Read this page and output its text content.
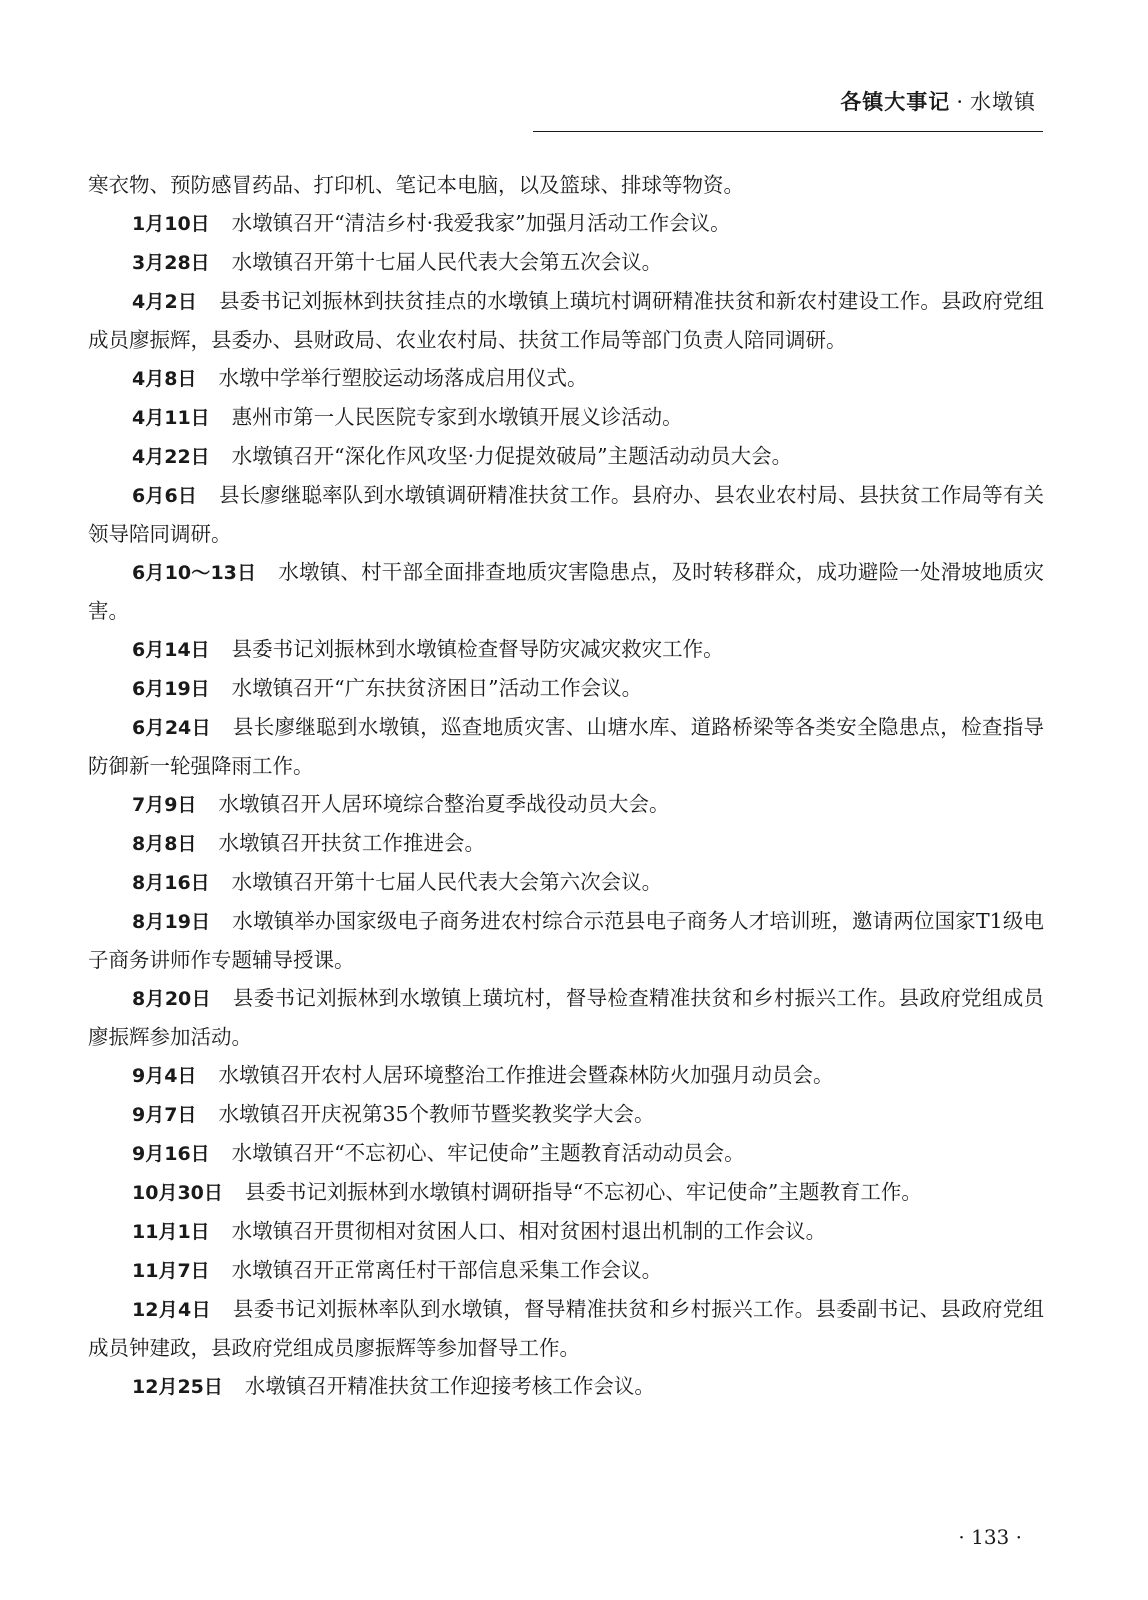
各镇大事记 · 水墩镇

寒衣物、预防感冒药品、打印机、笔记本电脑，以及篮球、排球等物资。

1月10日 水墩镇召开“清洁乡村·我爱我家”加强月活动工作会议。

3月28日 水墩镇召开第十七届人民代表大会第五次会议。

4月2日 县委书记刘振林到扶贫挂点的水墩镇上璜坑村调研精准扶贫和新农村建设工作。县政府党组成员廖振辉，县委办、县财政局、农业农村局、扶贫工作局等部门负责人陪同调研。

4月8日 水墩中学举行塑胶运动场落成启用仪式。

4月11日 惠州市第一人民医院专家到水墩镇开展义诊活动。

4月22日 水墩镇召开“深化作风攻坚·力促提效破局”主题活动动员大会。

6月6日 县长廖继聪率队到水墩镇调研精准扶贫工作。县府办、县农业农村局、县扶贫工作局等有关领导陪同调研。

6月10～13日 水墩镇、村干部全面排查地质灾害隐患点，及时转移群众，成功避险一处滑坡地质灾害。

6月14日 县委书记刘振林到水墩镇检查督导防灾减灾救灾工作。

6月19日 水墩镇召开“广东扶贫济困日”活动工作会议。

6月24日 县长廖继聪到水墩镇，巡查地质灾害、山塘水库、道路桥梁等各类安全隐患点，检查指导防御新一轮强降雨工作。

7月9日 水墩镇召开人居环境综合整治夏季战役动员大会。

8月8日 水墩镇召开扶贫工作推进会。

8月16日 水墩镇召开第十七届人民代表大会第六次会议。

8月19日 水墩镇举办国家级电子商务进农村综合示范县电子商务人才培训班，邀请两位国家T1级电子商务讲师作专题辅导授课。

8月20日 县委书记刘振林到水墩镇上璜坑村，督导检查精准扶贫和乡村振兴工作。县政府党组成员廖振辉参加活动。

9月4日 水墩镇召开农村人居环境整治工作推进会暨森林防火加强月动员会。

9月7日 水墩镇召开庆祝第35个教师节暨奖教奖学大会。

9月16日 水墩镇召开“不忘初心、牢记使命”主题教育活动动员会。

10月30日 县委书记刘振林到水墩镇村调研指导“不忘初心、牢记使命”主题教育工作。

11月1日 水墩镇召开贯彻相对贫困人口、相对贫困村退出机制的工作会议。

11月7日 水墩镇召开正常离任村干部信息采集工作会议。

12月4日 县委书记刘振林率队到水墩镇，督导精准扶贫和乡村振兴工作。县委副书记、县政府党组成员钟建政，县政府党组成员廖振辉等参加督导工作。

12月25日 水墩镇召开精准扶贫工作迎接考核工作会议。

· 133 ·
